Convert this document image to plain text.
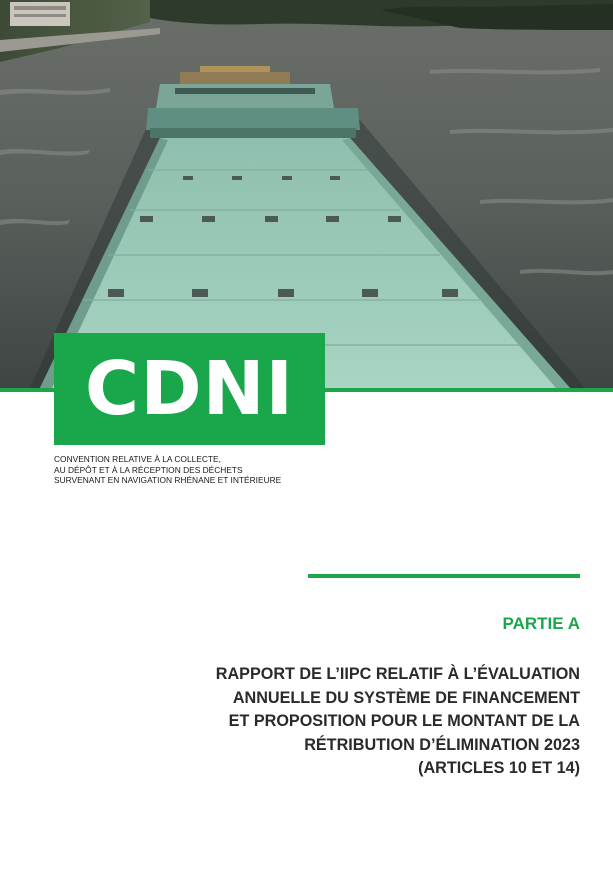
CDNI
CONVENTION RELATIVE À LA COLLECTE,
AU DÉPÔT ET À LA RÉCEPTION DES DÉCHETS
SURVENANT EN NAVIGATION RHÉNANE ET INTÉRIEURE
PARTIE A
RAPPORT DE L’IIPC RELATIF À L’ÉVALUATION
ANNUELLE DU SYSTÈME DE FINANCEMENT
ET PROPOSITION POUR LE MONTANT DE LA
RÉTRIBUTION D’ÉLIMINATION 2023
(ARTICLES 10 ET 14)
